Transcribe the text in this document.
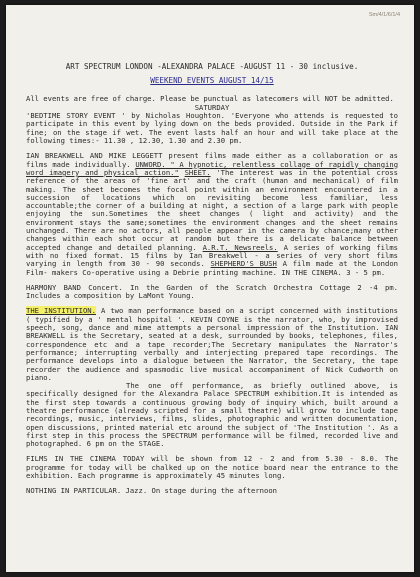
Sm/4/1/6/1/4
ART SPECTRUM LONDON -ALEXANDRA PALACE -AUGUST 11 - 30 inclusive.
WEEKEND EVENTS AUGUST 14/15
All events are free of charge. Please be punctual as latecomers will NOT be admitted.
SATURDAY

'BEDTIME STORY EVENT ' by Nicholas Houghton. 'Everyone who attends is requested to participate in this event by lying down on the beds provided. Outside in the Park if fine; on the stage if wet. The event lasts half an hour and will take place at the following times:- 11.30 , 12.30, 1.30 and 2.30 pm.

IAN BREAKWELL AND MIKE LEGGETT present films made either as a collaboration or as films made individually. UNWORD. " A hypnotic, relentless collage of rapidly changing word imagery and physical action." SHEET. 'The interest was in the potential cross reference of the areas of 'fine art' and the craft (human and mechanical) of film making. The sheet becomes the focal point within an environment encountered in a succession of locations which on revisiting become less familiar, less accountable;the corner of a building at night, a section of a large park with people enjoying the sun.Sometimes the sheet changes ( light and activity) and the environment stays the same;sometimes the environment changes and the sheet remains unchanged. There are no actors, all people appear in the camera by chance;many other changes within each shot occur at random but there is a delicate balance between accepted change and detailed planning. A.R.T. Newsreels. A series of working films with no fixed format. 15 films by Ian Breakwell - a series of very short films varying in length from 30 - 90 seconds. SHEPHERD'S BUSH A film made at the London Film- makers Co-operative using a Debrie printing machine. IN THE CINEMA. 3 - 5 pm.

HARMONY BAND Concert. In the Garden of the Scratch Orchestra Cottage 2 -4 pm. Includes a composition by LaMont Young.

THE INSTITUTION. A two man performance based on a script concerned with institutions ( typified by a ' mental hospital '. KEVIN COYNE is the narrator, who, by improvised speech, song, dance and mime attempts a personal impression of the Institution. IAN BREAKWELL is the Secretary, seated at a desk, surrounded by books, telephones, files, correspondence etc and a tape recorder;The Secretary manipulates the Narrator's performance; interrupting verbally and interjecting prepared tape recordings. The performance develops into a dialogue between the Narrator, the Secretary, the tape recorder the audience and spasmodic live musical accompaniment of Nick Cudworth on piano.
The one off performance, as briefly outlined above, is specifically designed for the Alexandra Palace SPECTRUM exhibition.It is intended as the first step towards a continuous growing body of inquiry which, built around a theatre performance (already scripted for a small theatre) will grow to include tape recordings, music, interviews, films, slides, photographic and written documentation, open discussions, printed material etc around the subject of 'The Institution '. As a first step in this process the SPECTRUM performance will be filmed, recorded live and photographed. 6 pm on the STAGE.

FILMS IN THE CINEMA TODAY will be shown from 12 - 2 and from 5.30 - 8.0. The programme for today will be chalked up on the notice board near the entrance to the exhibition. Each programme is approximately 45 minutes long.

NOTHING IN PARTICULAR. Jazz. On stage during the afternoon
